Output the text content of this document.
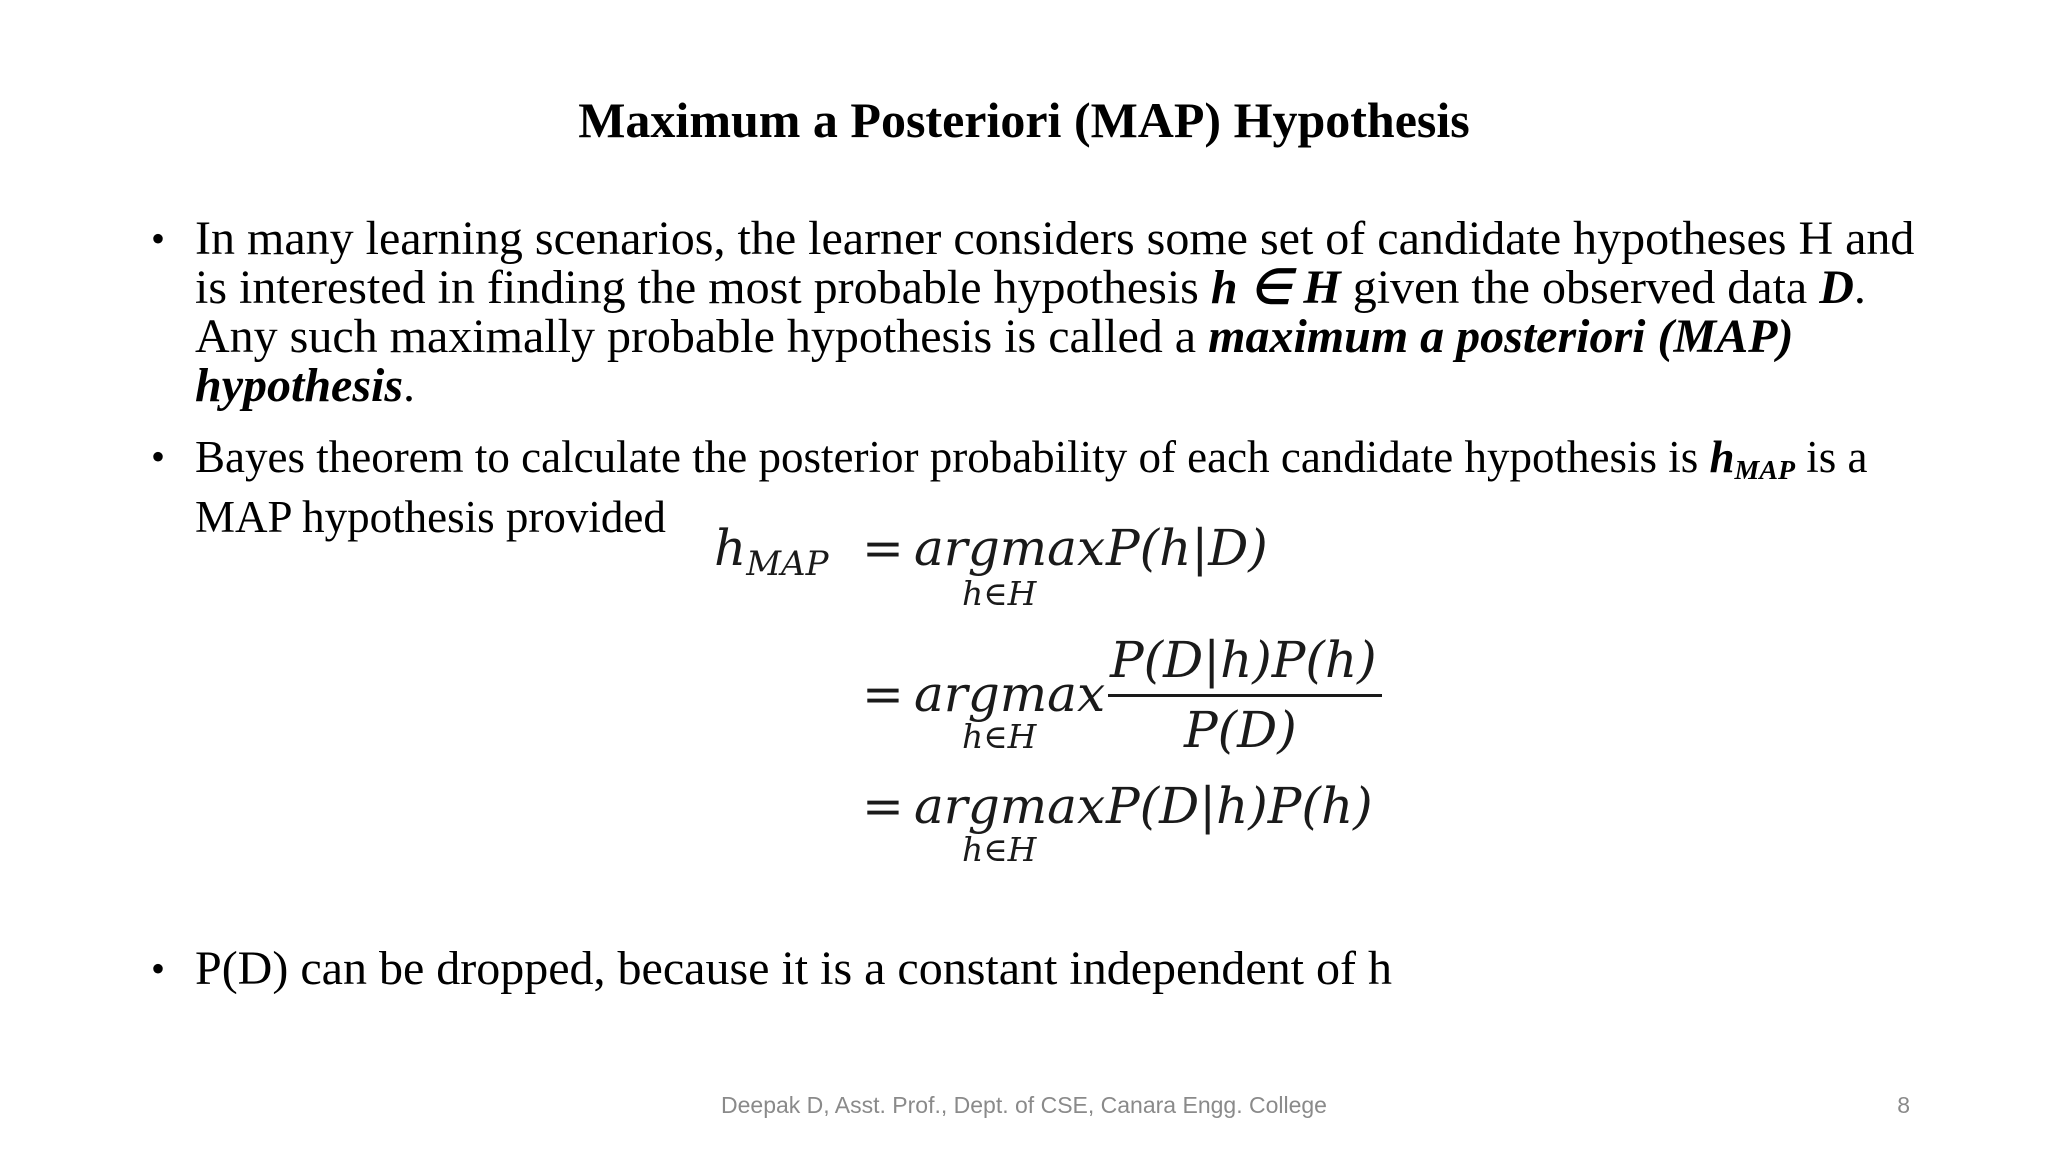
Maximum a Posteriori (MAP) Hypothesis
• In many learning scenarios, the learner considers some set of candidate hypotheses H and is interested in finding the most probable hypothesis h ∈ H given the observed data D. Any such maximally probable hypothesis is called a maximum a posteriori (MAP) hypothesis.
• Bayes theorem to calculate the posterior probability of each candidate hypothesis is $h_{MAP}$ is a MAP hypothesis provided
$h_{MAP} = argmax$
h∈H
P(h|D)
= argmax
h∈H
P(D|h)P(h)
P(D)
= argmax
h∈H
P(D|h)P(h)
• P(D) can be dropped, because it is a constant independent of h
Deepak D, Asst. Prof., Dept. of CSE, Canara Engg. College	8
